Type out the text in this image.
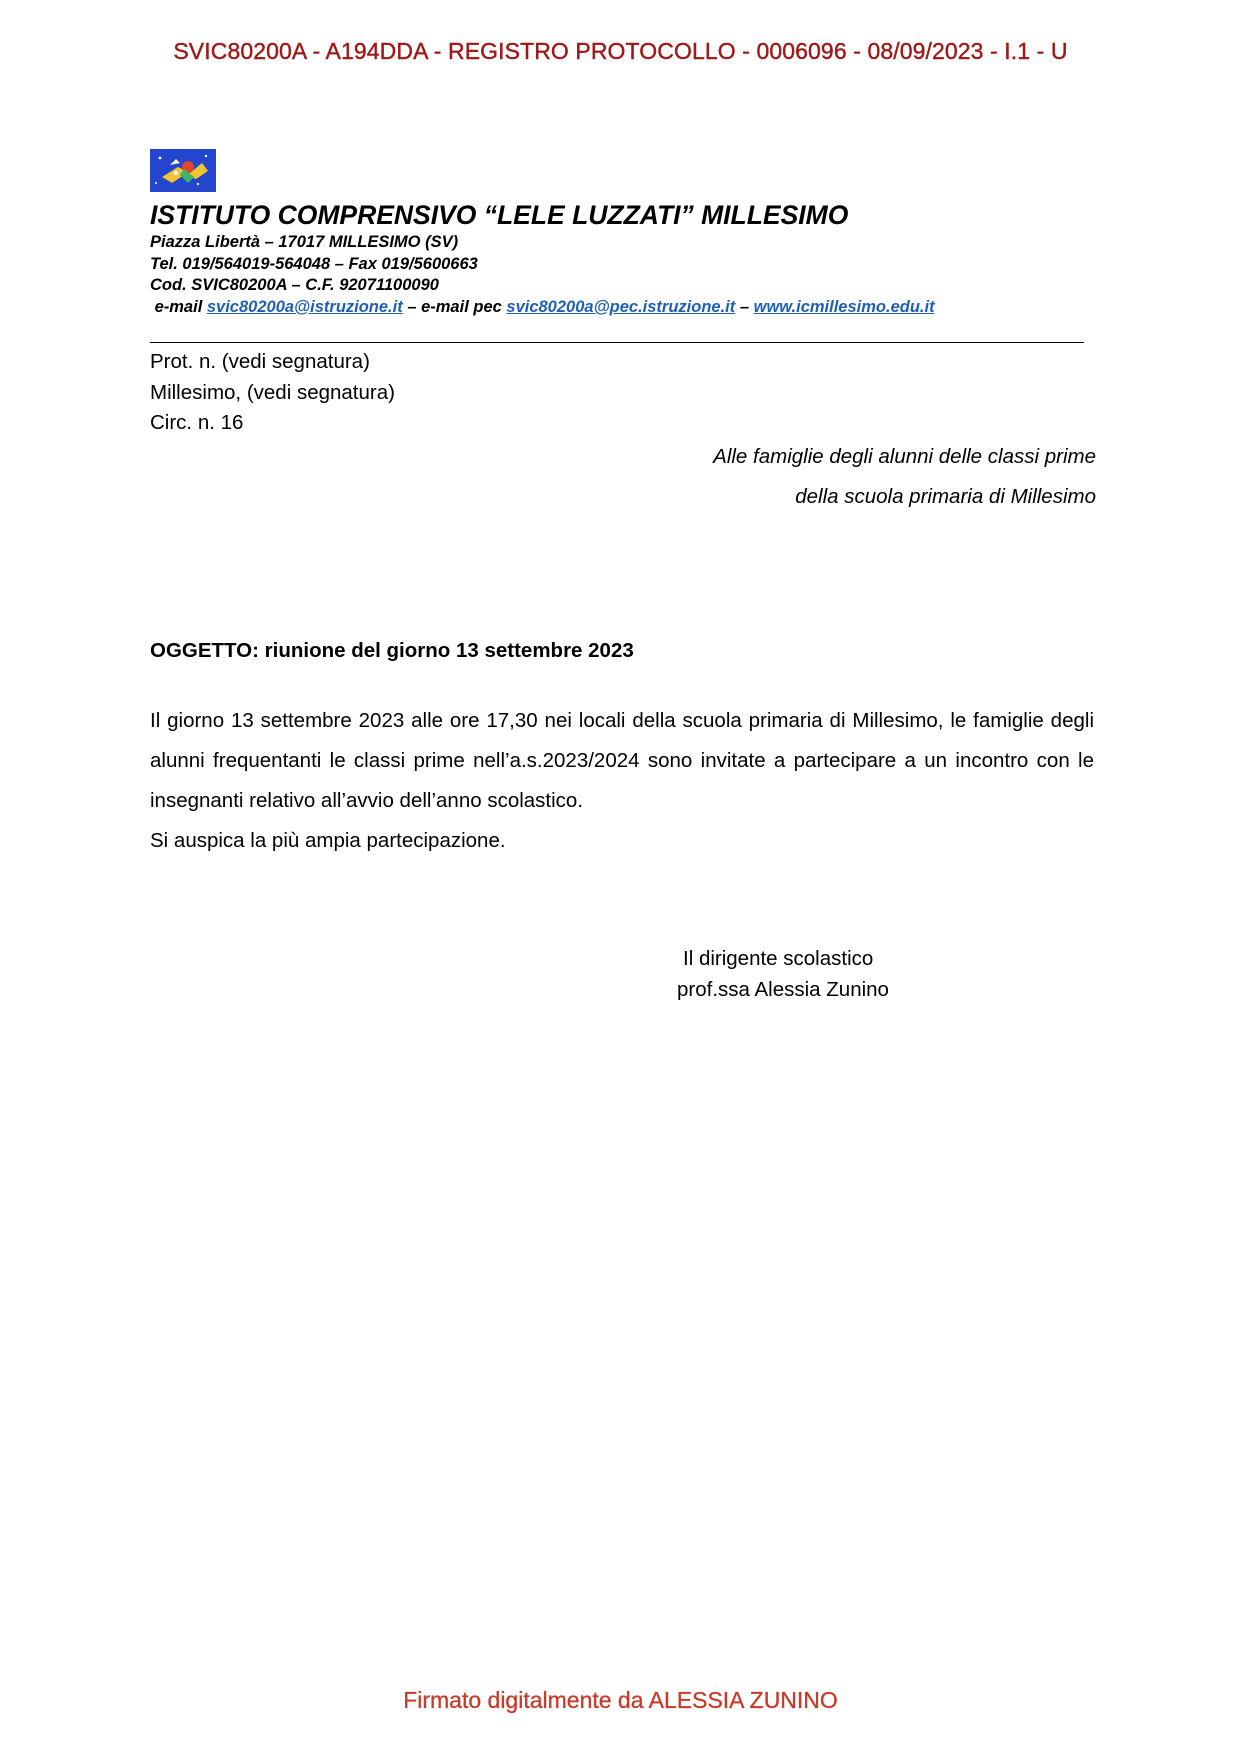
SVIC80200A - A194DDA - REGISTRO PROTOCOLLO - 0006096 - 08/09/2023 - I.1 - U
ISTITUTO COMPRENSIVO “LELE LUZZATI” MILLESIMO
Piazza Libertà – 17017 MILLESIMO (SV)
Tel. 019/564019-564048 – Fax 019/5600663
Cod. SVIC80200A – C.F. 92071100090
e-mail svic80200a@istruzione.it – e-mail pec svic80200a@pec.istruzione.it – www.icmillesimo.edu.it
Prot. n. (vedi segnatura)
Millesimo, (vedi segnatura)
Circ. n. 16
Alle famiglie degli alunni delle classi prime
della scuola primaria di Millesimo
OGGETTO: riunione del giorno 13 settembre 2023

Il giorno 13 settembre 2023 alle ore 17,30 nei locali della scuola primaria di Millesimo, le famiglie degli alunni frequentanti le classi prime nell’a.s.2023/2024 sono invitate a partecipare a un incontro con le insegnanti relativo all’avvio dell’anno scolastico.

Si auspica la più ampia partecipazione.

Il dirigente scolastico
prof.ssa Alessia Zunino
Firmato digitalmente da ALESSIA ZUNINO
